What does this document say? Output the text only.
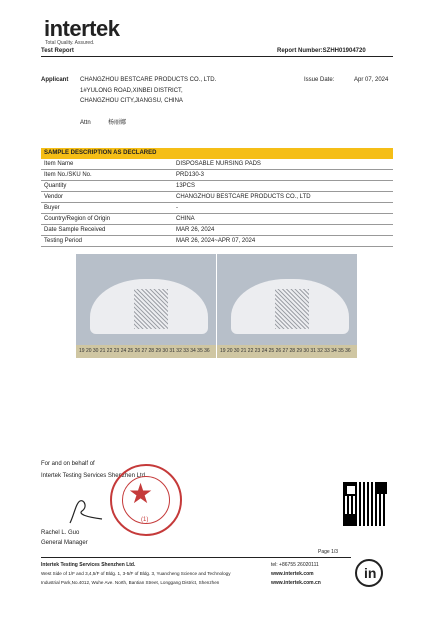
intertek
Total Quality. Assured.
Test Report	Report Number:SZHH01904720
Applicant CHANGZHOU BESTCARE PRODUCTS CO., LTD.
1#YULONG ROAD,XINBEI DISTRICT,
CHANGZHOU CITY,JIANGSU, CHINA
Issue Date:	Apr 07, 2024
Attn	杨丽娜
SAMPLE DESCRIPTION AS DECLARED
Item Name	DISPOSABLE NURSING PADS
Item No./SKU No.	PRD130-3
Quantity	13PCS
Vendor	CHANGZHOU BESTCARE PRODUCTS CO., LTD
Buyer	-
Country/Region of Origin	CHINA
Date Sample Received	MAR 26, 2024
Testing Period	MAR 26, 2024~APR 07, 2024
19 20 30 21 22 23 24 25 26 27 28 29 30 31 32 33 34 35 36	19 20 30 21 22 23 24 25 26 27 28 29 30 31 32 33 34 35 36
For and on behalf of
Intertek Testing Services Shenzhen Ltd.
★
(1)
Rachel L. Guo
General Manager
Page 1/3
Intertek Testing Services Shenzhen Ltd.
West Side of 1/F and 3,4,5/F of Bldg. 1, 3-5/F of Bldg. 3, Yuancheng Science and Technology
Industrial Park,No.4012, Wuhe Ave. North, Bantian Street, Longgang District, Shenzhen
tel: +86755 26020111
www.intertek.com
www.intertek.com.cn
in
